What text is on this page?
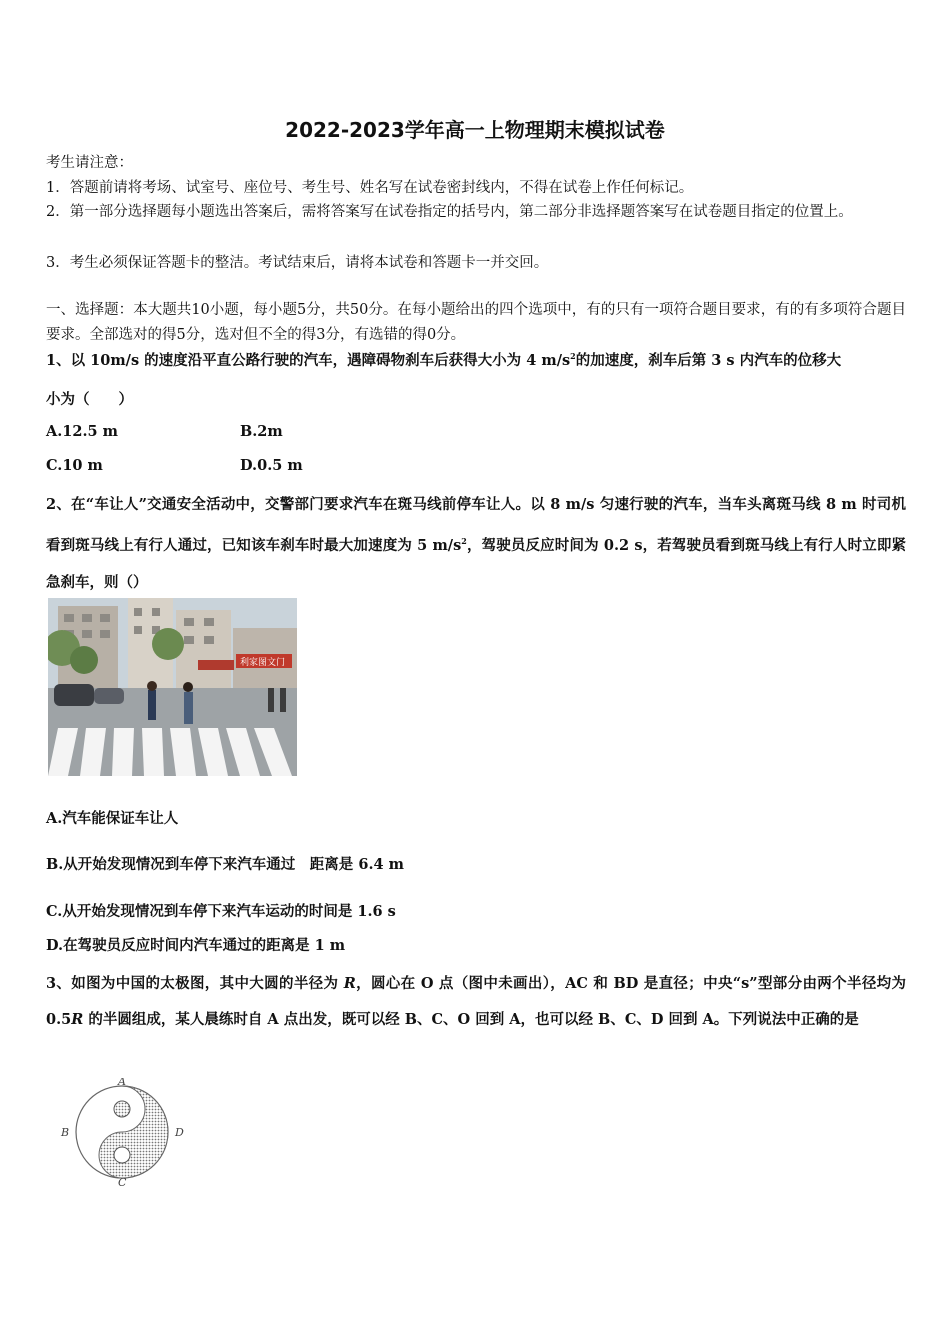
2022-2023学年高一上物理期末模拟试卷
考生请注意：
1．答题前请将考场、试室号、座位号、考生号、姓名写在试卷密封线内，不得在试卷上作任何标记。
2．第一部分选择题每小题选出答案后，需将答案写在试卷指定的括号内，第二部分非选择题答案写在试卷题目指定的位置上。
3．考生必须保证答题卡的整洁。考试结束后，请将本试卷和答题卡一并交回。
一、选择题：本大题共10小题，每小题5分，共50分。在每小题给出的四个选项中，有的只有一项符合题目要求，有的有多项符合题目要求。全部选对的得5分，选对但不全的得3分，有选错的得0分。
1、以 10m/s 的速度沿平直公路行驶的汽车，遇障碍物刹车后获得大小为 4 $m/s^2$的加速度，刹车后第 3 s 内汽车的位移大
小为（　　）
A.12.5 m	B.2m
C.10 m	D.0.5 m
2、在“车让人”交通安全活动中，交警部门要求汽车在斑马线前停车让人。以 8 m/s 匀速行驶的汽车，当车头离斑马线 8 m 时司机看到斑马线上有行人通过，已知该车刹车时最大加速度为 5 $m/s^2$，驾驶员反应时间为 0.2 s，若驾驶员看到斑马线上有行人时立即紧急刹车，则（）
利家图文门
A.汽车能保证车让人
B.从开始发现情况到车停下来汽车通过　距离是 6.4 m
C.从开始发现情况到车停下来汽车运动的时间是 1.6 s
D.在驾驶员反应时间内汽车通过的距离是 1 m
3、如图为中国的太极图，其中大圆的半径为 R，圆心在 O 点（图中未画出），AC 和 BD 是直径；中央“s”型部分由两个半径均为 0.5R 的半圆组成，某人晨练时自 A 点出发，既可以经 B、C、O 回到 A，也可以经 B、C、D 回到 A。下列说法中正确的是
A
B
C
D
